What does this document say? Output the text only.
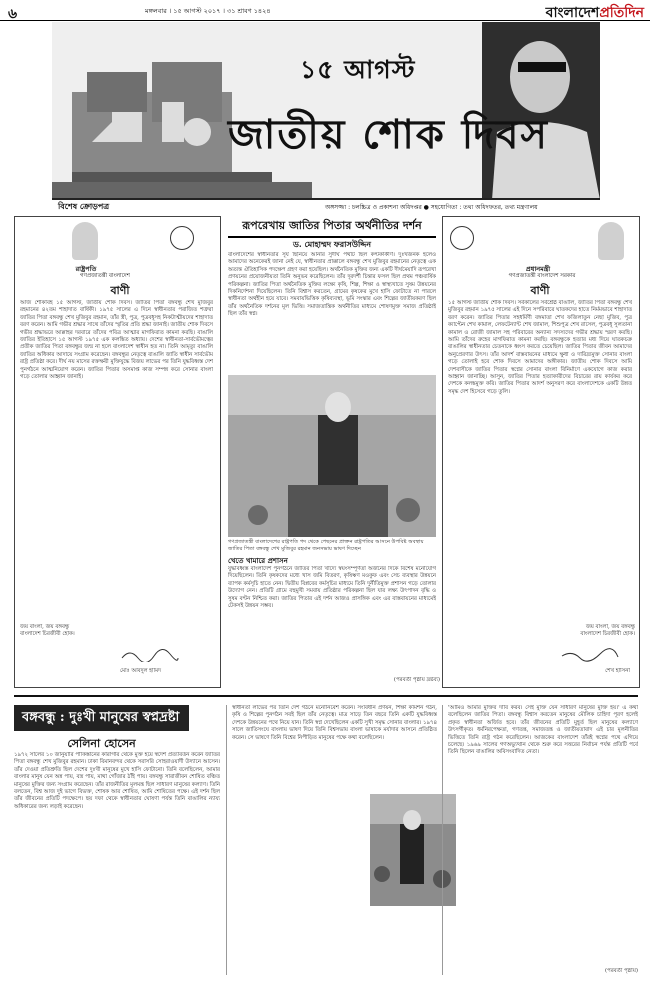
৬	মঙ্গলবার । ১৫ আগস্ট ২০১৭ । ৩১ শ্রাবণ ১৪২৪	বাংলাদেশপ্রতিদিন
১৫ আগস্ট
জাতীয় শোক দিবস
বিশেষ ক্রোড়পত্র	অঙ্গসজ্জা : চলচ্চিত্র ও প্রকাশনা অধিদপ্তর ● সহযোগিতা : তথ্য অধিদফতর, তথ্য মন্ত্রণালয়
রাষ্ট্রপতি
গণপ্রজাতন্ত্রী বাংলাদেশ
বাণী
আজ শোকাবহ ১৫ আগস্ট, জাতীয় শোক দিবস। জাতির পিতা বঙ্গবন্ধু শেখ মুজিবুর রহমানের ৪২তম শাহাদাত বার্ষিকী। ১৯৭৫ সালের এ দিনে স্বাধীনতার পরাজিত শত্রুরা জাতির পিতা বঙ্গবন্ধু শেখ মুজিবুর রহমান, তাঁর স্ত্রী, পুত্র, পুত্রবধূসহ নিকটাত্মীয়দের শাহাদাত বরণ করেন। আমি গভীর শ্রদ্ধার সাথে তাঁদের স্মৃতির প্রতি শ্রদ্ধা জানাই। জাতীয় শোক দিবসে গভীর শ্রদ্ধাভরে আল্লাহর দরবারে তাঁদের পবিত্র আত্মার মাগফিরাত কামনা করছি। বাঙালি জাতির ইতিহাসে ১৫ আগস্ট ১৯৭৫ এক কলঙ্কিত অধ্যায়। দেশের স্বাধীনতা-সার্বভৌমত্বের প্রতীক জাতির পিতা বঙ্গবন্ধুর জন্ম না হলে বাংলাদেশ স্বাধীন হত না। তিনি আমৃত্যু বাঙালি জাতির অধিকার আদায়ে সংগ্রাম করেছেন। বঙ্গবন্ধুর নেতৃত্বে বাঙালি জাতি স্বাধীন সার্বভৌম রাষ্ট্র প্রতিষ্ঠা করে। দীর্ঘ নয় মাসের রক্তক্ষয়ী মুক্তিযুদ্ধে বিজয় লাভের পর তিনি যুদ্ধবিধ্বস্ত দেশ পুনর্গঠনে আত্মনিয়োগ করেন। জাতির পিতার অসমাপ্ত কাজ সম্পন্ন করে সোনার বাংলা গড়ে তোলার আহ্বান জানাই।
জয় বাংলা, জয় বঙ্গবন্ধু
বাংলাদেশ চিরজীবী হোক।
মোঃ আবদুল হামিদ
রূপরেখায় জাতির পিতার অর্থনীতির দর্শন
ড. মোহাম্মদ ফরাসউদ্দিন
বাংলাদেশের স্বাধীনতার সূর্য ছিনিয়ে আনার সুদীর্ঘ পথটি ছিল কণ্টকাকীর্ণ। দুঃখজনক হলেও আমাদের অনেকেরই জানা নেই যে, স্বাধীনতার প্রাক্কালে বঙ্গবন্ধু শেখ মুজিবুর রহমানের নেতৃত্বে এক অত্যন্ত ঐতিহাসিক পদক্ষেপ গ্রহণ করা হয়েছিল। অর্থনৈতিক মুক্তির জন্য একটি দীর্ঘমেয়াদি রূপরেখা প্রণয়নের প্রয়োজনীয়তা তিনি অনুভব করেছিলেন। তাঁর দূরদর্শী চিন্তার ফসল ছিল প্রথম পঞ্চবার্ষিক পরিকল্পনা। জাতির পিতা অর্থনৈতিক মুক্তির লক্ষ্যে কৃষি, শিল্প, শিক্ষা ও স্বাস্থ্যখাতে সুষম উন্নয়নের দিকনির্দেশনা দিয়েছিলেন। তিনি বিশ্বাস করতেন, গ্রামের কৃষকের মুখে হাসি ফোটাতে না পারলে স্বাধীনতা অর্থহীন হয়ে যাবে। সমবায়ভিত্তিক কৃষিব্যবস্থা, ভূমি সংস্কার এবং শিল্পের জাতীয়করণ ছিল তাঁর অর্থনৈতিক দর্শনের মূল ভিত্তি। সমাজতান্ত্রিক অর্থনীতির মাধ্যমে শোষণমুক্ত সমাজ প্রতিষ্ঠাই ছিল তাঁর স্বপ্ন।
গণপ্রজাতন্ত্রী বাংলাদেশের রাষ্ট্রপতি পদ থেকে পেছনের প্রাক্তন রাষ্ট্রপতির আসনে উপবিষ্ট অবস্থায় জাতির পিতা বঙ্গবন্ধু শেখ মুজিবুর রহমান জনসভায় ভাষণ দিচ্ছেন
খেতে খামারে প্রশাসন
যুদ্ধবিধ্বস্ত বাংলাদেশ পুনর্গঠনে জাতির পিতা খাদ্যে স্বয়ংসম্পূর্ণতা অর্জনের দিকে বিশেষ মনোযোগ দিয়েছিলেন। তিনি কৃষকদের মধ্যে খাস জমি বিতরণ, কৃষিঋণ মওকুফ এবং সেচ ব্যবস্থার উন্নয়নে ব্যাপক কর্মসূচি হাতে নেন। দ্বিতীয় বিপ্লবের কর্মসূচির মাধ্যমে তিনি দুর্নীতিমুক্ত প্রশাসন গড়ে তোলার উদ্যোগ নেন। প্রতিটি গ্রামে বহুমুখী সমবায় প্রতিষ্ঠার পরিকল্পনা ছিল যার লক্ষ্য উৎপাদন বৃদ্ধি ও সুষম বণ্টন নিশ্চিত করা। জাতির পিতার এই দর্শন আজও প্রাসঙ্গিক এবং এর বাস্তবায়নের মাধ্যমেই টেকসই উন্নয়ন সম্ভব।
(পরবর্তী পৃষ্ঠায় দ্রষ্টব্য)
প্রধানমন্ত্রী
গণপ্রজাতন্ত্রী বাংলাদেশ সরকার
বাণী
১৫ আগস্ট জাতীয় শোক দিবস। সর্বকালের সর্বশ্রেষ্ঠ বাঙালি, জাতির পিতা বঙ্গবন্ধু শেখ মুজিবুর রহমান ১৯৭৫ সালের এই দিনে সপরিবারে ঘাতকদের হাতে নির্মমভাবে শাহাদাত বরণ করেন। জাতির পিতার সহধর্মিণী বঙ্গমাতা শেখ ফজিলাতুন নেছা মুজিব, পুত্র ক্যাপ্টেন শেখ কামাল, লেফটেন্যান্ট শেখ জামাল, শিশুপুত্র শেখ রাসেল, পুত্রবধূ সুলতানা কামাল ও রোজী জামাল সহ পরিবারের অন্যান্য সদস্যদের গভীর শ্রদ্ধায় স্মরণ করছি। আমি তাঁদের রুহের মাগফিরাত কামনা করছি। বঙ্গবন্ধুকে হত্যার মধ্য দিয়ে ঘাতকচক্র বাঙালির স্বাধীনতার চেতনাকে ধ্বংস করতে চেয়েছিল। জাতির পিতার জীবন আমাদের অনুপ্রেরণার উৎস। তাঁর আদর্শ বাস্তবায়নের মাধ্যমে ক্ষুধা ও দারিদ্র্যমুক্ত সোনার বাংলা গড়ে তোলাই হবে শোক দিবসে আমাদের অঙ্গীকার। জাতীয় শোক দিবসে আমি দেশবাসীকে জাতির পিতার স্বপ্নের সোনার বাংলা বিনির্মাণে একযোগে কাজ করার আহ্বান জানাচ্ছি। আসুন, জাতির পিতার হত্যাকারীদের বিচারের রায় কার্যকর করে দেশকে কলঙ্কমুক্ত করি। জাতির পিতার আদর্শ অনুসরণ করে বাংলাদেশকে একটি উন্নত সমৃদ্ধ দেশ হিসেবে গড়ে তুলি।
জয় বাংলা, জয় বঙ্গবন্ধু
বাংলাদেশ চিরজীবী হোক।
শেখ হাসিনা
বঙ্গবন্ধু : দুঃখী মানুষের স্বপ্নদ্রষ্টা
সেলিনা হোসেন
১৯৭২ সালের ১০ জানুয়ারি পাকিস্তানের কারাগার থেকে মুক্ত হয়ে স্বদেশ প্রত্যাবর্তন করেন জাতির পিতা বঙ্গবন্ধু শেখ মুজিবুর রহমান। ঢাকা বিমানবন্দর থেকে সরাসরি সোহরাওয়ার্দী উদ্যানে আসেন। তাঁর দেওয়া প্রতিশ্রুতি ছিল দেশের দুঃখী মানুষের মুখে হাসি ফোটানো। তিনি বলেছিলেন, আমার বাংলার মানুষ যেন অন্ন পায়, বস্ত্র পায়, মাথা গোঁজার ঠাঁই পায়। বঙ্গবন্ধু সারাজীবন শোষিত বঞ্চিত মানুষের মুক্তির জন্য সংগ্রাম করেছেন। তাঁর রাজনীতির মূলমন্ত্র ছিল সাধারণ মানুষের কল্যাণ। তিনি বলতেন, বিশ্ব আজ দুই ভাগে বিভক্ত, শোষক আর শোষিত, আমি শোষিতের পক্ষে। এই দর্শন ছিল তাঁর জীবনের প্রতিটি পদক্ষেপে। ছয় দফা থেকে স্বাধীনতার ঘোষণা পর্যন্ত তিনি বাঙালির ন্যায্য অধিকারের জন্য লড়াই করেছেন।
স্বাধীনতা লাভের পর তিনি দেশ গঠনে মনোনিবেশ করেন। সংবিধান প্রণয়ন, শিক্ষা কমিশন গঠন, কৃষি ও শিল্পের পুনর্গঠন সবই ছিল তাঁর নেতৃত্বে। মাত্র সাড়ে তিন বছরে তিনি একটি যুদ্ধবিধ্বস্ত দেশকে উন্নয়নের পথে নিয়ে যান। তিনি স্বপ্ন দেখেছিলেন একটি সুখী সমৃদ্ধ সোনার বাংলার। ১৯৭৪ সালে জাতিসংঘে বাংলায় ভাষণ দিয়ে তিনি বিশ্বসভায় বাংলা ভাষাকে মর্যাদার আসনে প্রতিষ্ঠিত করেন। সে ভাষণে তিনি বিশ্বের নিপীড়িত মানুষের পক্ষে কথা বলেছিলেন।
'আমিও আমার মুক্তির দাবি করব। সেই মুক্তি যেন সাধারণ মানুষের মুক্তি হয়।' এ কথা বলেছিলেন জাতির পিতা। বঙ্গবন্ধু বিশ্বাস করতেন মানুষের মৌলিক চাহিদা পূরণ হলেই প্রকৃত স্বাধীনতা অর্জিত হবে। তাঁর জীবনের প্রতিটি মুহূর্ত ছিল মানুষের কল্যাণে উৎসর্গীকৃত। ধর্মনিরপেক্ষতা, গণতন্ত্র, সমাজতন্ত্র ও জাতীয়তাবাদ এই চার মূলনীতির ভিত্তিতে তিনি রাষ্ট্র গঠন করেছিলেন। আজকের বাংলাদেশ তাঁরই স্বপ্নের পথে এগিয়ে চলেছে। ১৯৬৯ সালের গণঅভ্যুত্থান থেকে শুরু করে সত্তরের নির্বাচন পর্যন্ত প্রতিটি পর্বে তিনি ছিলেন বাঙালির অবিসংবাদিত নেতা।
(পরবর্তী পৃষ্ঠায়)
